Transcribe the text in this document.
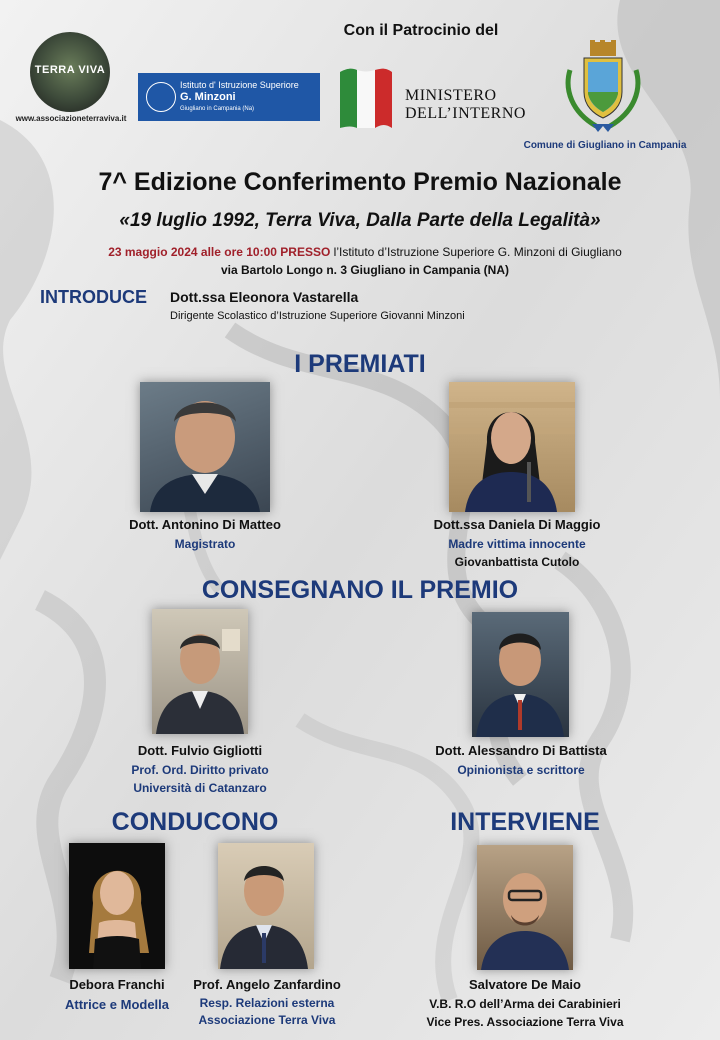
Con il Patrocinio del
TERRA VIVA
www.associazioneterraviva.it
Istituto d' Istruzione Superiore
G. Minzoni
Giugliano in Campania (Na)
MINISTERO
DELL’INTERNO
Comune di Giugliano in Campania
7^ Edizione Conferimento Premio Nazionale
«19 luglio 1992, Terra Viva, Dalla Parte della Legalità»
23 maggio 2024 alle ore 10:00 PRESSO l’Istituto d’Istruzione Superiore G. Minzoni di Giugliano
via Bartolo Longo n. 3 Giugliano in Campania (NA)
INTRODUCE Dott.ssa Eleonora Vastarella
Dirigente Scolastico d’Istruzione Superiore Giovanni Minzoni
I PREMIATI
Dott. Antonino Di Matteo
Magistrato
Dott.ssa Daniela Di Maggio
Madre vittima innocente
Giovanbattista Cutolo
CONSEGNANO IL PREMIO
Dott. Fulvio Gigliotti
Prof. Ord. Diritto privato
Università di Catanzaro
Dott. Alessandro Di Battista
Opinionista e scrittore
CONDUCONO	INTERVIENE
Debora Franchi
Attrice e Modella
Prof. Angelo Zanfardino
Resp. Relazioni esterna
Associazione Terra Viva
Salvatore De Maio
V.B. R.O dell’Arma dei Carabinieri
Vice Pres. Associazione Terra Viva
